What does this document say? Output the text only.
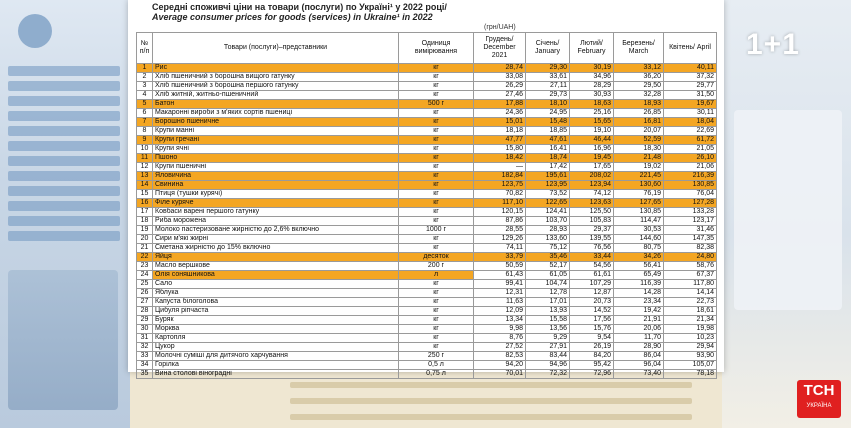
1+1
ТСН
УКРАЇНА
Середні споживчі ціни на товари (послуги) по Україні¹ у 2022 році/
Average consumer prices for goods (services) in Ukraine¹ in 2022
(грн/UAH)
№ п/п	Товари (послуги)–представники	Одиниця вимірювання	Грудень/ December 2021	Січень/ January	Лютий/ February	Березень/ March	Квітень/ April
1	Рис	кг	28,74	29,30	30,19	33,12	40,11
2	Хліб пшеничний з борошна вищого гатунку	кг	33,08	33,61	34,96	36,20	37,32
3	Хліб пшеничний з борошна першого гатунку	кг	26,29	27,11	28,29	29,50	29,77
4	Хліб житній, житньо-пшеничний	кг	27,46	29,73	30,93	32,28	31,50
5	Батон	500 г	17,88	18,10	18,63	18,93	19,67
6	Макаронні вироби з м'яких сортів пшениці	кг	24,36	24,95	25,16	26,85	30,11
7	Борошно пшеничне	кг	15,01	15,48	15,65	16,81	18,04
8	Крупи манні	кг	18,18	18,85	19,10	20,07	22,69
9	Крупи гречані	кг	47,77	47,61	46,44	52,59	61,72
10	Крупи ячні	кг	15,80	16,41	16,96	18,30	21,05
11	Пшоно	кг	18,42	18,74	19,45	21,48	26,10
12	Крупи пшеничні	кг	—	17,42	17,65	19,02	21,06
13	Яловичина	кг	182,84	195,61	208,02	221,45	216,39
14	Свинина	кг	123,75	123,95	123,94	130,60	130,85
15	Птиця (тушки курячі)	кг	70,82	73,52	74,12	76,19	76,04
16	Філе куряче	кг	117,10	122,65	123,63	127,65	127,28
17	Ковбаси варені першого гатунку	кг	120,15	124,41	125,50	130,85	133,28
18	Риба морожена	кг	87,86	103,70	105,83	114,47	123,17
19	Молоко пастеризоване жирністю до 2,6% включно	1000 г	28,55	28,93	29,37	30,53	31,46
20	Сири м'які жирні	кг	129,26	133,60	139,55	144,60	147,35
21	Сметана жирністю до 15% включно	кг	74,11	75,12	76,56	80,75	82,38
22	Яйця	десяток	33,79	35,46	33,44	34,26	24,80
23	Масло вершкове	200 г	50,59	52,17	54,56	56,41	58,76
24	Олія соняшникова	л	61,43	61,05	61,61	65,49	67,37
25	Сало	кг	99,41	104,74	107,29	116,39	117,80
26	Яблука	кг	12,31	12,78	12,87	14,28	14,14
27	Капуста білоголова	кг	11,63	17,01	20,73	23,34	22,73
28	Цибуля ріпчаста	кг	12,09	13,93	14,52	19,42	18,61
29	Буряк	кг	13,34	15,58	17,56	21,91	21,34
30	Морква	кг	9,98	13,56	15,76	20,06	19,98
31	Картопля	кг	8,76	9,29	9,54	11,70	10,23
32	Цукор	кг	27,52	27,91	26,19	28,90	29,94
33	Молочні суміші для дитячого харчування	250 г	82,53	83,44	84,20	86,04	93,90
34	Горілка	0,5 л	94,20	94,96	95,42	96,04	105,07
35	Вина столові віноградні	0,75 л	70,01	72,32	72,96	73,40	78,18
